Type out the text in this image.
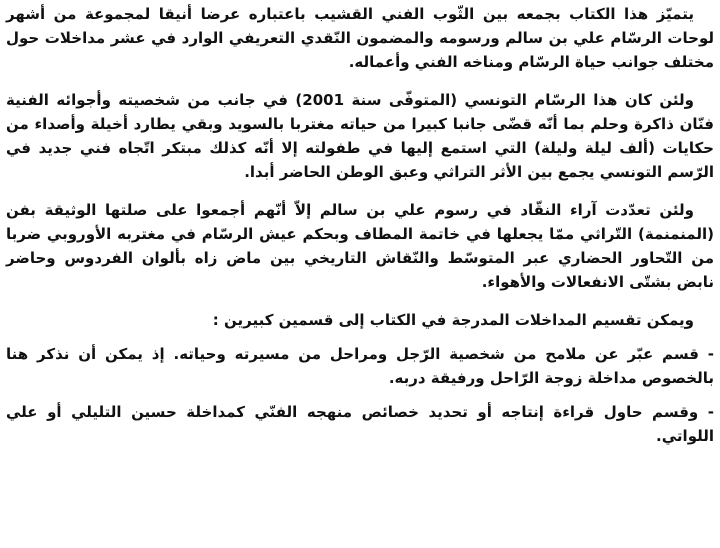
يتميّز هذا الكتاب بجمعه بين الثّوب الفني القشيب باعتباره عرضا أنيقا لمجموعة من أشهر لوحات الرسّام علي بن سالم ورسومه والمضمون النّقدي التعريفي الوارد في عشر مداخلات حول مختلف جوانب حياة الرسّام ومناخه الفني وأعماله.

ولئن كان هذا الرسّام التونسي (المتوفّى سنة 2001) في جانب من شخصيته وأجوائه الفنية فنّان ذاكرة وحلم بما أنّه قضّى جانبا كبيرا من حياته مغتربا بالسويد وبقي يطارد أخيلة وأصداء من حكايات (ألف ليلة وليلة) التي استمع إليها في طفولته إلا أنّه كذلك مبتكر اتّجاه فني جديد في الرّسم التونسي يجمع بين الأثر التراثي وعبق الوطن الحاضر أبدا.

ولئن تعدّدت آراء النقّاد في رسوم علي بن سالم إلاّ أنّهم أجمعوا على صلتها الوثيقة بفن (المنمنمة) التّراثي ممّا يجعلها في خاتمة المطاف وبحكم عيش الرسّام في مغتربه الأوروبي ضربا من التّحاور الحضاري عبر المتوسّط والنّقاش التاريخي بين ماض زاه بألوان الفردوس وحاضر نابض بشتّى الانفعالات والأهواء.

ويمكن تقسيم المداخلات المدرجة في الكتاب إلى قسمين كبيرين :

- قسم عبّر عن ملامح من شخصية الرّجل ومراحل من مسيرته وحياته. إذ يمكن أن نذكر هنا بالخصوص مداخلة زوجة الرّاحل ورفيقة دربه.

- وقسم حاول قراءة إنتاجه أو تحديد خصائص منهجه الفنّي كمداخلة حسين التليلي أو علي اللواتي.
